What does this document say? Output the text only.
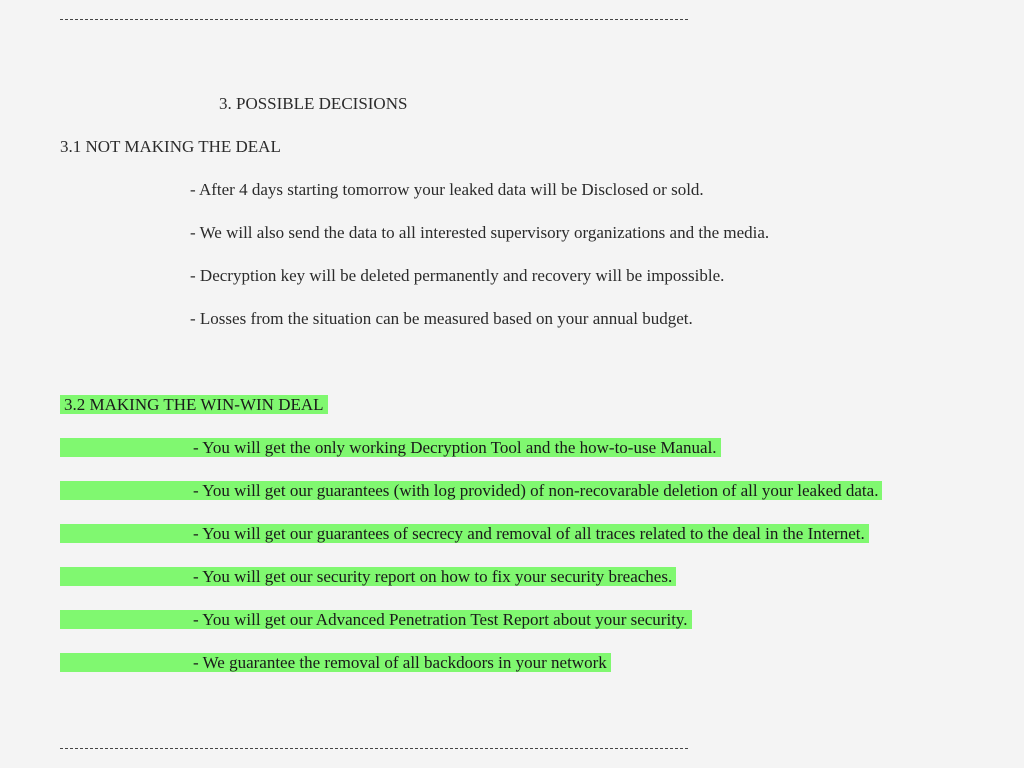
3. POSSIBLE DECISIONS
3.1 NOT MAKING THE DEAL
- After 4 days starting tomorrow your leaked data will be Disclosed or sold.
- We will also send the data to all interested supervisory organizations and the media.
- Decryption key will be deleted permanently and recovery will be impossible.
- Losses from the situation can be measured based on your annual budget.
3.2 MAKING THE WIN-WIN DEAL
- You will get the only working Decryption Tool and the how-to-use Manual.
- You will get our guarantees (with log provided) of non-recovarable deletion of all your leaked data.
- You will get our guarantees of secrecy and removal of all traces related to the deal in the Internet.
- You will get our security report on how to fix your security breaches.
- You will get our Advanced Penetration Test Report about your security.
- We guarantee the removal of all backdoors in your network
